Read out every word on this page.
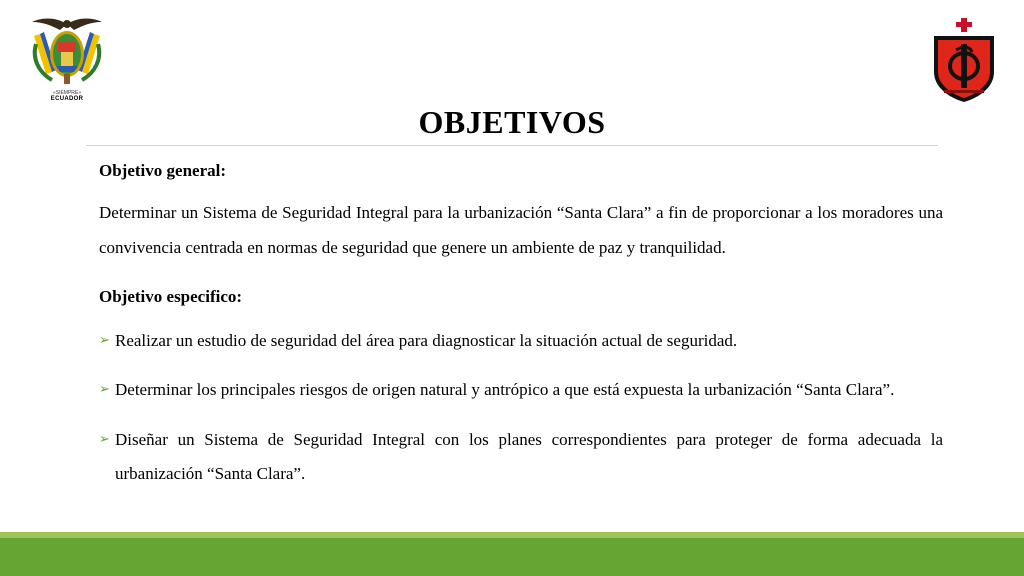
«SIEMPRE»
ECUADOR
OBJETIVOS

Objetivo general:

Determinar un Sistema de Seguridad Integral para la urbanización “Santa Clara” a fin de proporcionar a los moradores una convivencia centrada en normas de seguridad que genere un ambiente de paz y tranquilidad.

Objetivo especifico:

➢ Realizar un estudio de seguridad del área para diagnosticar la situación actual de seguridad.
➢ Determinar los principales riesgos de origen natural y antrópico a que está expuesta la urbanización “Santa Clara”.
➢ Diseñar un Sistema de Seguridad Integral con los planes correspondientes para proteger de forma adecuada la urbanización “Santa Clara”.
